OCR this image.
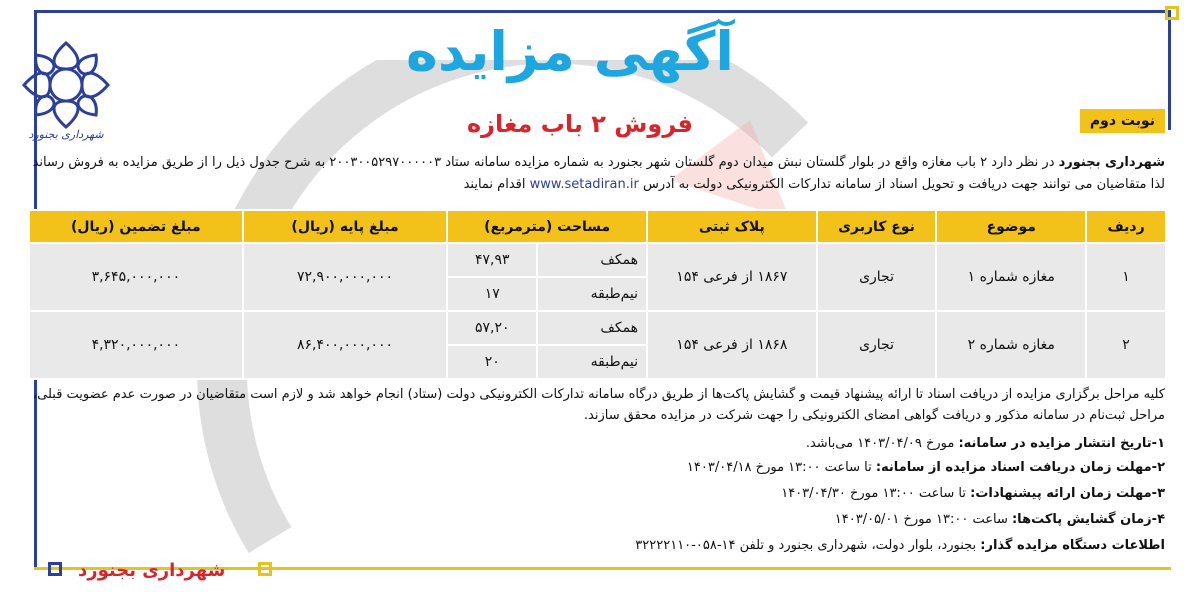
شهرداری بجنورد
آگهی مزایده
فروش ۲ باب مغازه	نوبت دوم
شهرداری بجنورد در نظر دارد ۲ باب مغازه واقع در بلوار گلستان نبش میدان دوم گلستان شهر بجنورد به شماره مزایده سامانه ستاد ۲۰۰۳۰۰۵۲۹۷۰۰۰۰۰۳ به شرح جدول ذیل را از طریق مزایده به فروش رساند لذا متقاضیان می توانند جهت دریافت و تحویل اسناد از سامانه تدارکات الکترونیکی دولت به آدرس www.setadiran.ir اقدام نمایند
ردیف	موضوع	نوع کاربری	پلاک ثبتی	مساحت (مترمربع)		مبلغ پایه (ریال)	مبلغ تضمین (ریال)
۱	مغازه شماره ۱	تجاری	۱۸۶۷ از فرعی ۱۵۴	همکف	۴۷,۹۳	۷۲,۹۰۰,۰۰۰,۰۰۰	۳,۶۴۵,۰۰۰,۰۰۰
				نیم‌طبقه	۱۷		
۲	مغازه شماره ۲	تجاری	۱۸۶۸ از فرعی ۱۵۴	همکف	۵۷,۲۰	۸۶,۴۰۰,۰۰۰,۰۰۰	۴,۳۲۰,۰۰۰,۰۰۰
				نیم‌طبقه	۲۰		
کلیه مراحل برگزاری مزایده از دریافت اسناد تا ارائه پیشنهاد قیمت و گشایش پاکت‌ها از طریق درگاه سامانه تدارکات الکترونیکی دولت (ستاد) انجام خواهد شد و لازم است متقاضیان در صورت عدم عضویت قبلی، مراحل ثبت‌نام در سامانه مذکور و دریافت گواهی امضای الکترونیکی را جهت شرکت در مزایده محقق سازند.
۱-تاریخ انتشار مزایده در سامانه: مورخ ۱۴۰۳/۰۴/۰۹ می‌باشد.
۲-مهلت زمان دریافت اسناد مزایده از سامانه: تا ساعت ۱۳:۰۰ مورخ ۱۴۰۳/۰۴/۱۸
۳-مهلت زمان ارائه پیشنهادات: تا ساعت ۱۳:۰۰ مورخ ۱۴۰۳/۰۴/۳۰
۴-زمان گشایش پاکت‌ها: ساعت ۱۳:۰۰ مورخ ۱۴۰۳/۰۵/۰۱
اطلاعات دستگاه مزایده گذار: بجنورد، بلوار دولت، شهرداری بجنورد و تلفن ۱۴-۰۵۸-۳۲۲۲۲۱۱۰
شهرداری بجنورد
